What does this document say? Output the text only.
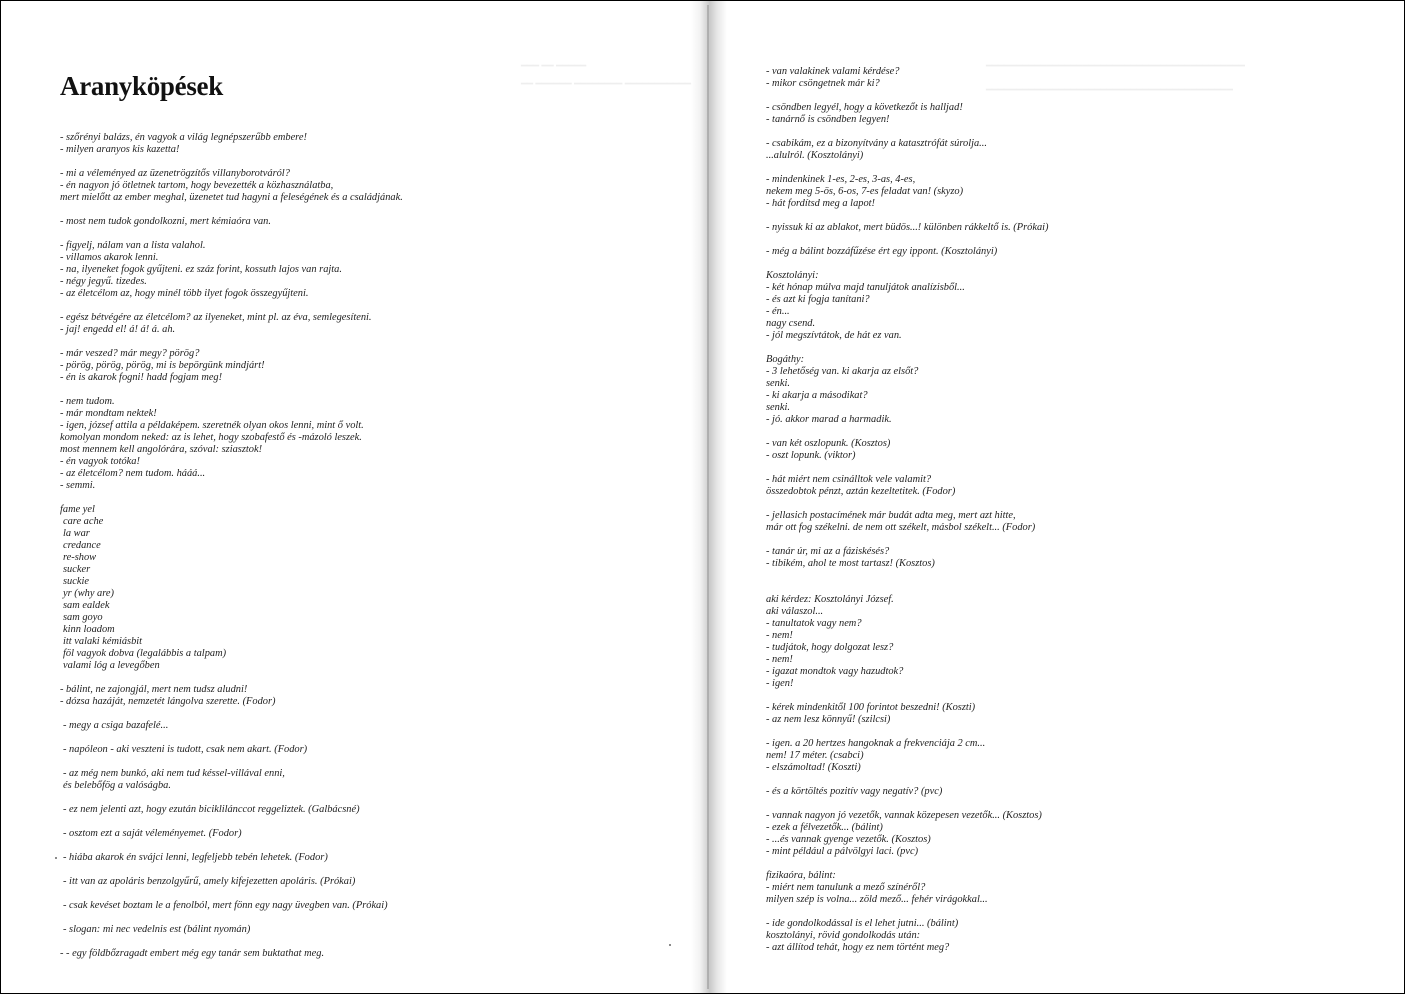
━━━ ━━ ━━━━━
━━ ━━━━━━ ━━━━━━━━ ━━━━━━━━━━━
━━━━━━━━━━━━━━━━━━━━━━━━━━━━━━━━━━━━━━━━━━━
━━━━━━━━━━━━━━━━━━━━━━━━━━━━━━━━━━━━━━━━━
Aranyköpések
- szőrényi balázs, én vagyok a világ legnépszerűbb embere!
- milyen aranyos kis kazetta!
- mi a véleményed az üzenetrögzítős villanyborotváról?
- én nagyon jó ötletnek tartom, hogy bevezették a közhasználatba,
mert mielőtt az ember meghal, üzenetet tud hagyni a feleségének és a családjának.
- most nem tudok gondolkozni, mert kémiaóra van.
- figyelj, nálam van a lista valahol.
- villamos akarok lenni.
- na, ilyeneket fogok gyűjteni. ez száz forint, kossuth lajos van rajta.
- négy jegyű. tizedes.
- az életcélom az, hogy minél több ilyet fogok összegyűjteni.
- egész bétvégére az életcélom? az ilyeneket, mint pl. az éva, semlegesíteni.
- jaj! engedd el! á! á! á. ah.
- már veszed? már megy? pörög?
- pörög, pörög, pörög, mi is bepörgünk mindjárt!
- én is akarok fogni! hadd fogjam meg!
- nem tudom.
- már mondtam nektek!
- igen, józsef attila a példaképem. szeretnék olyan okos lenni, mint ő volt.
komolyan mondom neked: az is lehet, hogy szobafestő és -mázoló leszek.
most mennem kell angolórára, szóval: sziasztok!
- én vagyok totóka!
- az életcélom? nem tudom. hááá...
- semmi.
fame yel
care ache
la war
credance
re-show
sucker
suckie
yr (why are)
sam ealdek
sam goyo
kinn loadom
itt valaki kémiásbit
föl vagyok dobva (legalábbis a talpam)
valami lóg a levegőben
- bálint, ne zajongjál, mert nem tudsz aludni!
- dózsa hazáját, nemzetét lángolva szerette. (Fodor)
- megy a csiga bazafelé...
- napóleon - aki veszteni is tudott, csak nem akart. (Fodor)
- az még nem bunkó, aki nem tud késsel-villával enni,
és belebőfög a valóságba.
- ez nem jelenti azt, hogy ezután biciklilánccot reggeliztek. (Galbácsné)
- osztom ezt a saját véleményemet. (Fodor)
- hiába akarok én svájci lenni, legfeljebb tebén lehetek. (Fodor)
- itt van az apoláris benzolgyűrű, amely kifejezetten apoláris. (Prókai)
- csak kevéset boztam le a fenolból, mert fönn egy nagy üvegben van. (Prókai)
- slogan: mi nec vedelnis est (bálint nyomán)
- - egy földbőzragadt embert még egy tanár sem buktathat meg.
- van valakinek valami kérdése?
- mikor csöngetnek már ki?
- csöndben legyél, hogy a következőt is halljad!
- tanárnő is csöndben legyen!
- csabikám, ez a bizonyítvány a katasztrófát súrolja...
...alulról. (Kosztolányi)
- mindenkinek 1-es, 2-es, 3-as, 4-es,
nekem meg 5-ös, 6-os, 7-es feladat van! (skyzo)
- hát fordítsd meg a lapot!
- nyissuk ki az ablakot, mert büdös...! különben rákkeltő is. (Prókai)
- még a bálint bozzáfűzése ért egy ippont. (Kosztolányi)
Kosztolányi:
- két hónap múlva majd tanuljátok analízisből...
- és azt ki fogja tanítani?
- én...
nagy csend.
- jól megszívtátok, de hát ez van.
Bogáthy:
- 3 lehetőség van. ki akarja az elsőt?
senki.
- ki akarja a másodikat?
senki.
- jó. akkor marad a harmadik.
- van két oszlopunk. (Kosztos)
- oszt lopunk. (viktor)
- hát miért nem csinálltok vele valamit?
összedobtok pénzt, aztán kezeltetitek. (Fodor)
- jellasich postacímének már budát adta meg, mert azt hitte,
már ott fog székelni. de nem ott székelt, másbol székelt... (Fodor)
- tanár úr, mi az a fáziskésés?
- tibikém, ahol te most tartasz! (Kosztos)
aki kérdez: Kosztolányi József.
aki válaszol...
- tanultatok vagy nem?
- nem!
- tudjátok, hogy dolgozat lesz?
- nem!
- igazat mondtok vagy hazudtok?
- igen!
- kérek mindenkitől 100 forintot beszedni! (Koszti)
- az nem lesz könnyű! (szilcsi)
- igen. a 20 hertzes hangoknak a frekvenciája 2 cm...
nem! 17 méter. (csabci)
- elszámoltad! (Koszti)
- és a körtöltés pozitív vagy negatív? (pvc)
- vannak nagyon jó vezetők, vannak közepesen vezetők... (Kosztos)
- ezek a félvezetők... (bálint)
- ...és vannak gyenge vezetők. (Kosztos)
- mint például a pálvölgyi laci. (pvc)
fizikaóra, bálint:
- miért nem tanulunk a mező színéről?
milyen szép is volna... zöld mező... fehér virágokkal...
- ide gondolkodással is el lehet jutni... (bálint)
kosztolányi, rövid gondolkodás után:
- azt állítod tehát, hogy ez nem történt meg?
